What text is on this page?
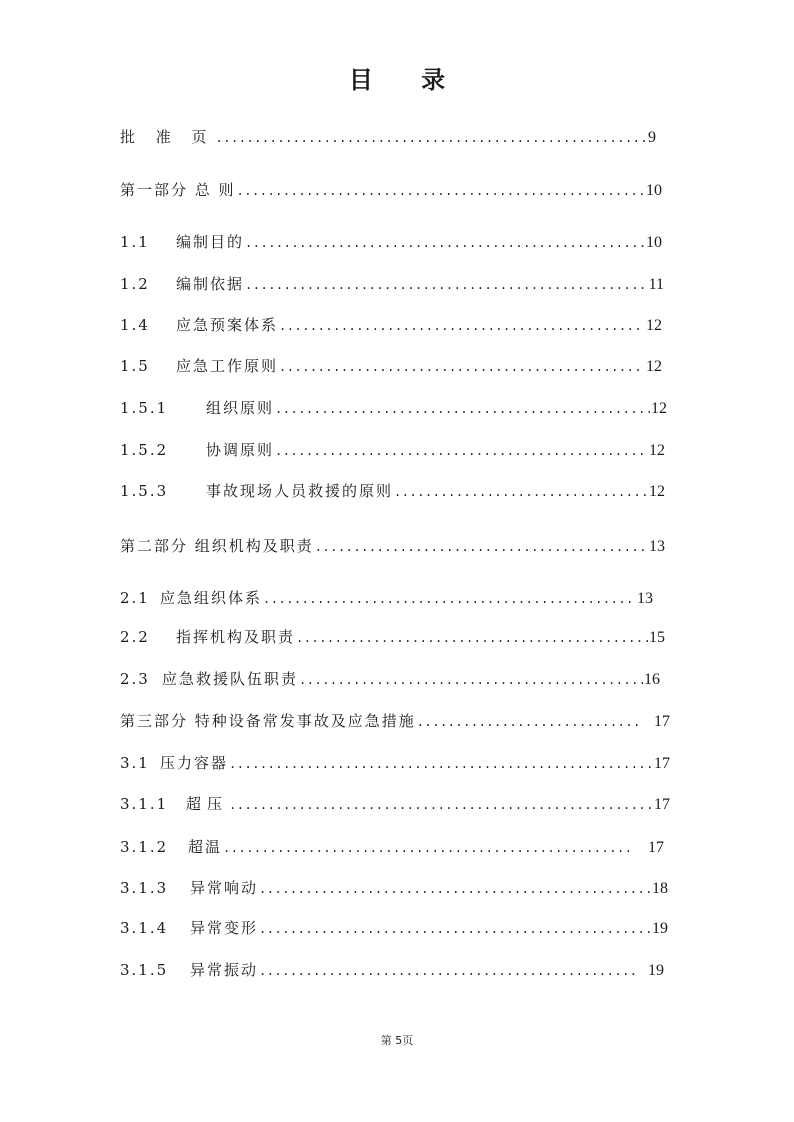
目 录
批 准 页 .....	9
第一部分 总 则 .....	10
1.1	编制目的 .....	10
1.2	编制依据 .....	11
1.4	应急预案体系 .....	12
1.5	应急工作原则 .....	12
1.5.1	组织原则 .....	12
1.5.2	协调原则 .....	12
1.5.3	事故现场人员救援的原则 .....	12
第二部分 组织机构及职责 .....	13
2.1 应急组织体系 .....	13
2.2	指挥机构及职责 .....	15
2.3 应急救援队伍职责 .....	16
第三部分 特种设备常发事故及应急措施 .....	17
3.1 压力容器 .....	17
3.1.1	超压 .....	17
3.1.2	超温 .....	17
3.1.3	异常响动 .....	18
3.1.4	异常变形 .....	19
3.1.5	异常振动 .....	19
第 5页
